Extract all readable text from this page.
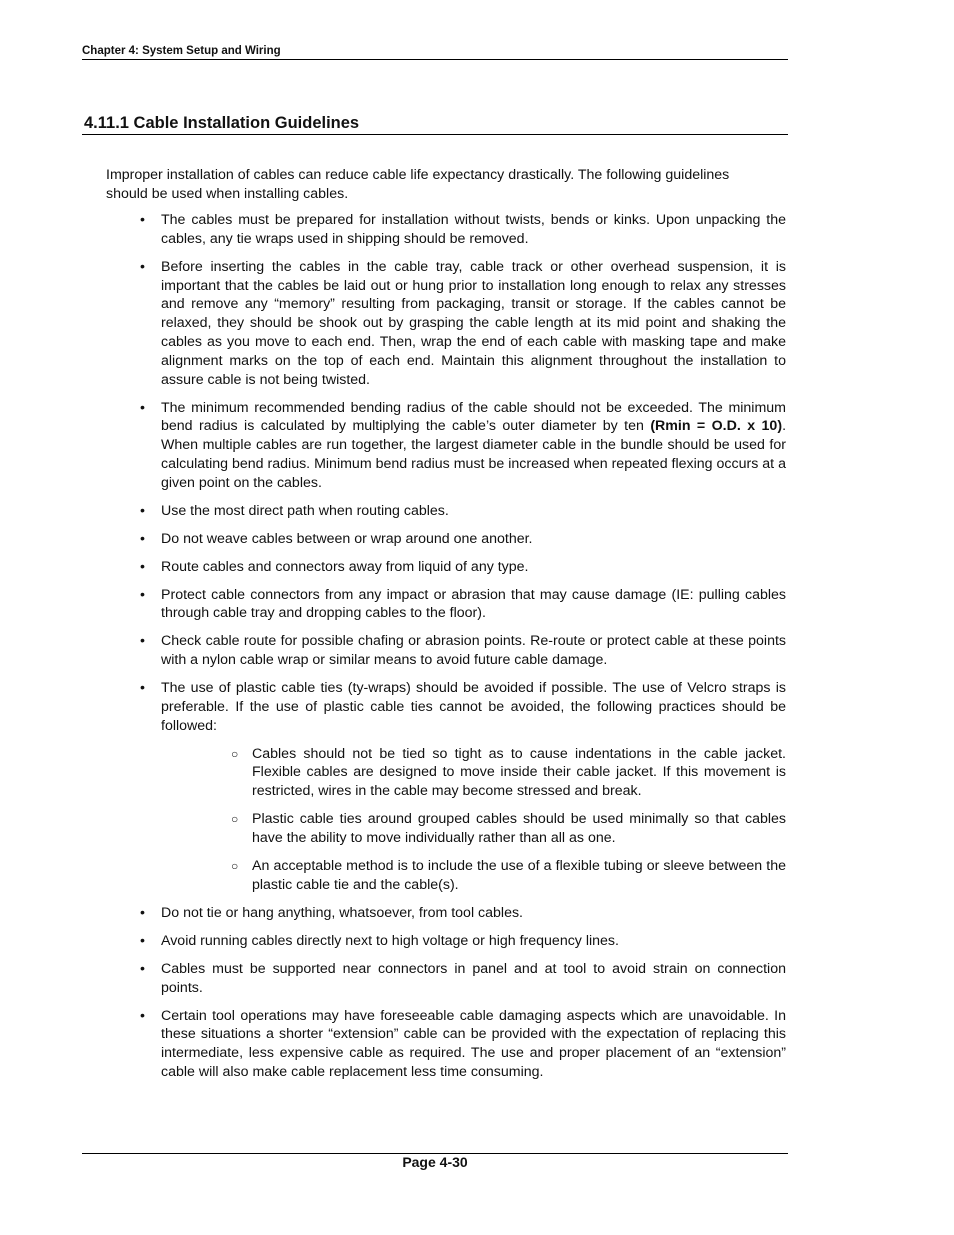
Chapter 4: System Setup and Wiring
4.11.1 Cable Installation Guidelines

Improper installation of cables can reduce cable life expectancy drastically. The following guidelines should be used when installing cables.

• The cables must be prepared for installation without twists, bends or kinks. Upon unpacking the cables, any tie wraps used in shipping should be removed.
• Before inserting the cables in the cable tray, cable track or other overhead suspension, it is important that the cables be laid out or hung prior to installation long enough to relax any stresses and remove any “memory” resulting from packaging, transit or storage. If the cables cannot be relaxed, they should be shook out by grasping the cable length at its mid point and shaking the cables as you move to each end. Then, wrap the end of each cable with masking tape and make alignment marks on the top of each end. Maintain this alignment throughout the installation to assure cable is not being twisted.
• The minimum recommended bending radius of the cable should not be exceeded. The minimum bend radius is calculated by multiplying the cable’s outer diameter by ten (Rmin = O.D. x 10). When multiple cables are run together, the largest diameter cable in the bundle should be used for calculating bend radius. Minimum bend radius must be increased when repeated flexing occurs at a given point on the cables.
• Use the most direct path when routing cables.
• Do not weave cables between or wrap around one another.
• Route cables and connectors away from liquid of any type.
• Protect cable connectors from any impact or abrasion that may cause damage (IE: pulling cables through cable tray and dropping cables to the floor).
• Check cable route for possible chafing or abrasion points. Re-route or protect cable at these points with a nylon cable wrap or similar means to avoid future cable damage.
• The use of plastic cable ties (ty-wraps) should be avoided if possible. The use of Velcro straps is preferable. If the use of plastic cable ties cannot be avoided, the following practices should be followed:
○ Cables should not be tied so tight as to cause indentations in the cable jacket. Flexible cables are designed to move inside their cable jacket. If this movement is restricted, wires in the cable may become stressed and break.
○ Plastic cable ties around grouped cables should be used minimally so that cables have the ability to move individually rather than all as one.
○ An acceptable method is to include the use of a flexible tubing or sleeve between the plastic cable tie and the cable(s).
• Do not tie or hang anything, whatsoever, from tool cables.
• Avoid running cables directly next to high voltage or high frequency lines.
• Cables must be supported near connectors in panel and at tool to avoid strain on connection points.
• Certain tool operations may have foreseeable cable damaging aspects which are unavoidable. In these situations a shorter “extension” cable can be provided with the expectation of replacing this intermediate, less expensive cable as required. The use and proper placement of an “extension” cable will also make cable replacement less time consuming.
Page 4-30
